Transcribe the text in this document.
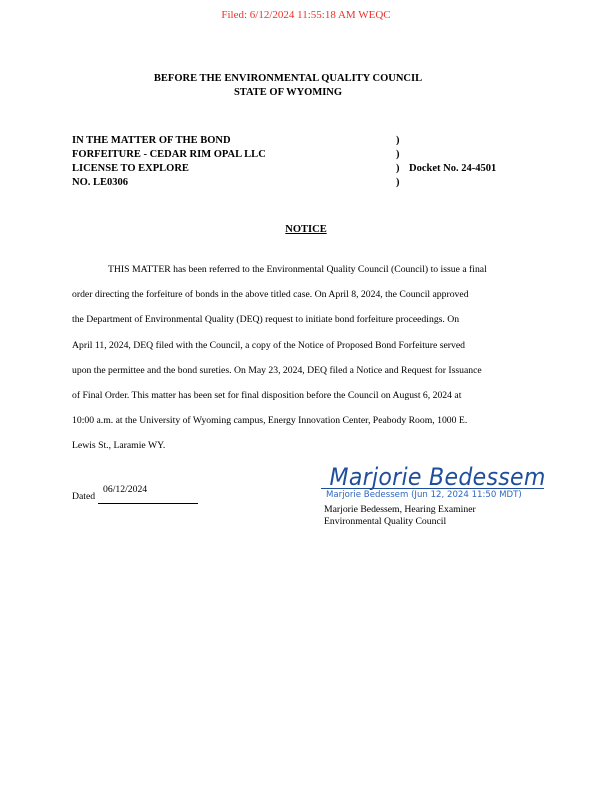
Filed: 6/12/2024 11:55:18 AM WEQC
BEFORE THE ENVIRONMENTAL QUALITY COUNCIL
STATE OF WYOMING
IN THE MATTER OF THE BOND
FORFEITURE - CEDAR RIM OPAL LLC
LICENSE TO EXPLORE
NO. LE0306
)
)
)
)
Docket No. 24-4501
NOTICE
THIS MATTER has been referred to the Environmental Quality Council (Council) to issue a final
order directing the forfeiture of bonds in the above titled case. On April 8, 2024, the Council approved
the Department of Environmental Quality (DEQ) request to initiate bond forfeiture proceedings. On
April 11, 2024, DEQ filed with the Council, a copy of the Notice of Proposed Bond Forfeiture served
upon the permittee and the bond sureties. On May 23, 2024, DEQ filed a Notice and Request for Issuance
of Final Order. This matter has been set for final disposition before the Council on August 6, 2024 at
10:00 a.m. at the University of Wyoming campus, Energy Innovation Center, Peabody Room, 1000 E.
Lewis St., Laramie WY.
Dated
06/12/2024	Marjorie Bedessem
Marjorie Bedessem (Jun 12, 2024 11:50 MDT)
Marjorie Bedessem, Hearing Examiner
Environmental Quality Council
